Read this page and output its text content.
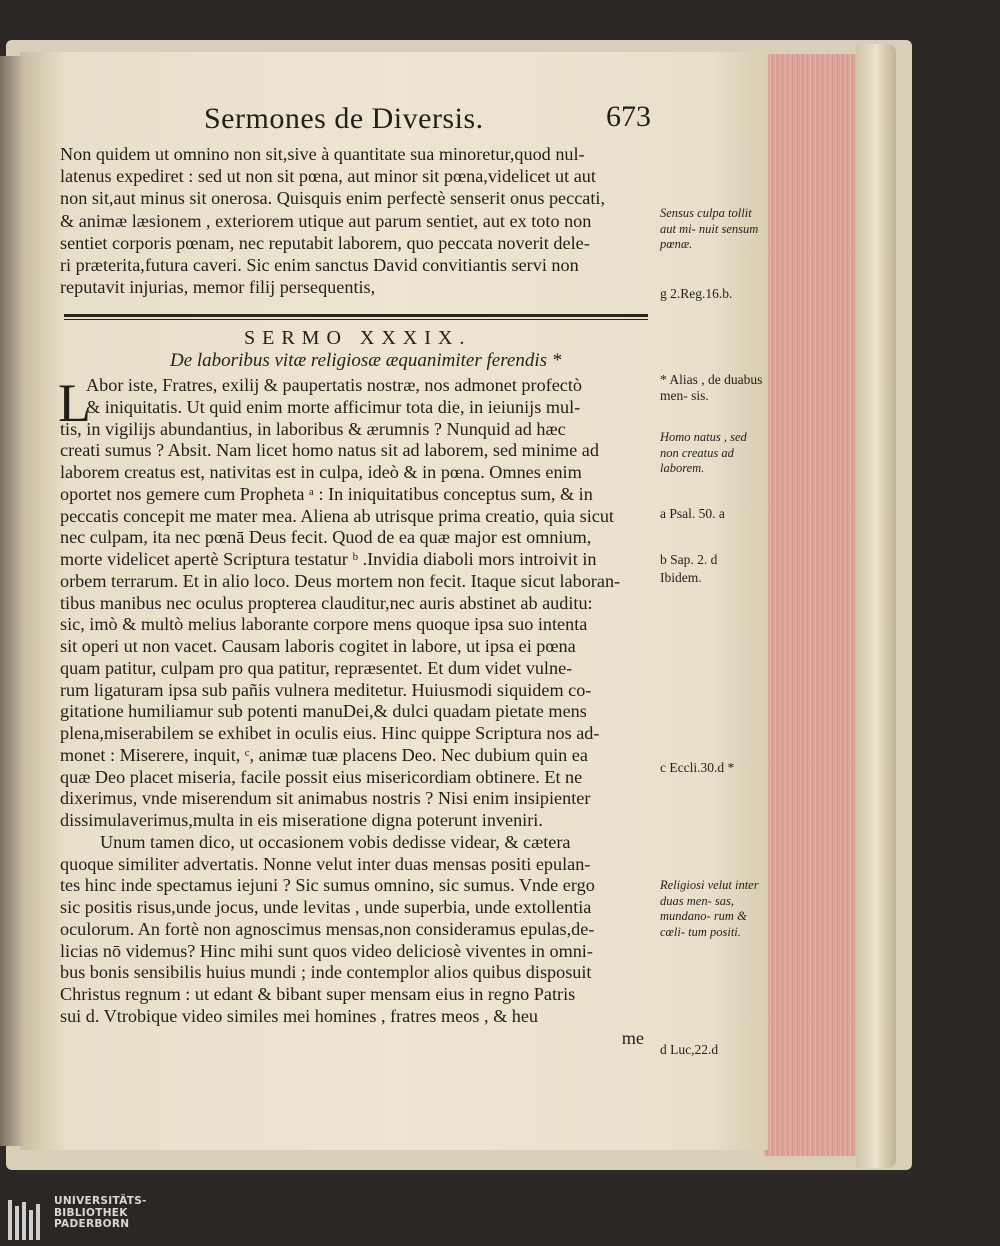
Sermones de Diversis.	673
Non quidem ut omnino non sit,sive à quantitate sua minoretur,quod nul-
latenus expediret : sed ut non sit pœna, aut minor sit pœna,videlicet ut aut
non sit,aut minus sit onerosa. Quisquis enim perfectè senserit onus peccati,
& animæ læsionem , exteriorem utique aut parum sentiet, aut ex toto non
sentiet corporis pœnam, nec reputabit laborem, quo peccata noverit dele-
ri præterita,futura caveri. Sic enim sanctus David convitiantis servi non
reputavit injurias, memor filij persequentis,
SERMO XXXIX.
De laboribus vitæ religiosæ æquanimiter ferendis *
L
Abor iste, Fratres, exilij & paupertatis nostræ, nos admonet profectò
& iniquitatis. Ut quid enim morte afficimur tota die, in ieiunijs mul-
tis, in vigilijs abundantius, in laboribus & ærumnis ? Nunquid ad hæc
creati sumus ? Absit. Nam licet homo natus sit ad laborem, sed minime ad
laborem creatus est, nativitas est in culpa, ideò & in pœna. Omnes enim
oportet nos gemere cum Propheta ᵃ : In iniquitatibus conceptus sum, & in
peccatis concepit me mater mea. Aliena ab utrisque prima creatio, quia sicut
nec culpam, ita nec pœnā Deus fecit. Quod de ea quæ major est omnium,
morte videlicet apertè Scriptura testatur ᵇ .Invidia diaboli mors introivit in
orbem terrarum. Et in alio loco. Deus mortem non fecit. Itaque sicut laboran-
tibus manibus nec oculus propterea clauditur,nec auris abstinet ab auditu:
sic, imò & multò melius laborante corpore mens quoque ipsa suo intenta
sit operi ut non vacet. Causam laboris cogitet in labore, ut ipsa ei pœna
quam patitur, culpam pro qua patitur, repræsentet. Et dum videt vulne-
rum ligaturam ipsa sub pañis vulnera meditetur. Huiusmodi siquidem co-
gitatione humiliamur sub potenti manuDei,& dulci quadam pietate mens
plena,miserabilem se exhibet in oculis eius. Hinc quippe Scriptura nos ad-
monet : Miserere, inquit, ᶜ, animæ tuæ placens Deo. Nec dubium quin ea
quæ Deo placet miseria, facile possit eius misericordiam obtinere. Et ne
dixerimus, vnde miserendum sit animabus nostris ? Nisi enim insipienter
dissimulaverimus,multa in eis miseratione digna poterunt inveniri.
Unum tamen dico, ut occasionem vobis dedisse videar, & cætera
quoque similiter advertatis. Nonne velut inter duas mensas positi epulan-
tes hinc inde spectamus iejuni ? Sic sumus omnino, sic sumus. Vnde ergo
sic positis risus,unde jocus, unde levitas , unde superbia, unde extollentia
oculorum. An fortè non agnoscimus mensas,non consideramus epulas,de-
licias nō videmus? Hinc mihi sunt quos video deliciosè viventes in omni-
bus bonis sensibilis huius mundi ; inde contemplor alios quibus disposuit
Christus regnum : ut edant & bibant super mensam eius in regno Patris
sui d. Vtrobique video similes mei homines , fratres meos , & heu
me
Sensus culpa tollit aut mi- nuit sensum pœnæ.
g 2.Reg.16.b.
* Alias , de duabus men- sis.
Homo natus , sed non creatus ad laborem.
a Psal. 50. a
b Sap. 2. d
Ibidem.
c Eccli.30.d *
Religiosi velut inter duas men- sas, mundano- rum & cœli- tum positi.
d Luc,22.d
UNIVERSITÄTS-
BIBLIOTHEK
PADERBORN
